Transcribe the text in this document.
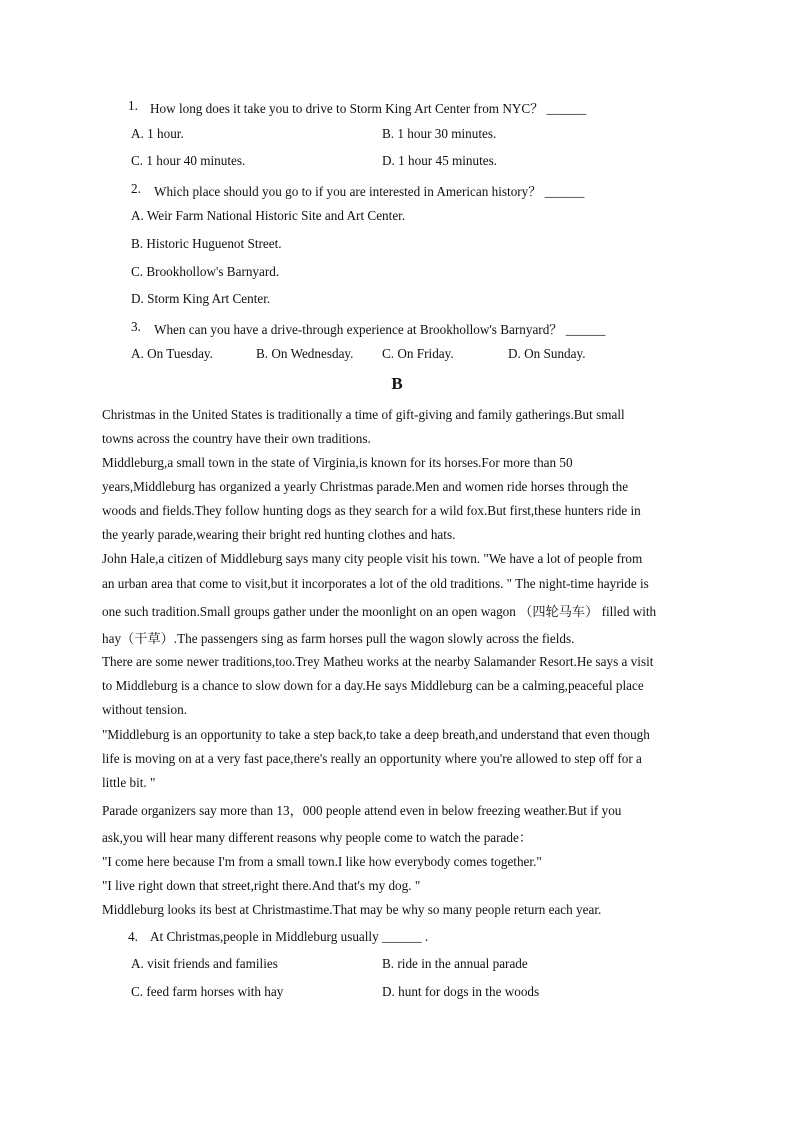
1. How long does it take you to drive to Storm King Art Center from NYC？ ______
A. 1 hour.	B. 1 hour 30 minutes.
C. 1 hour 40 minutes.	D. 1 hour 45 minutes.
2. Which place should you go to if you are interested in American history？ ______
A. Weir Farm National Historic Site and Art Center.
B. Historic Huguenot Street.
C. Brookhollow's Barnyard.
D. Storm King Art Center.
3. When can you have a drive-through experience at Brookhollow's Barnyard？ ______
A. On Tuesday.	B. On Wednesday. C. On Friday.	D. On Sunday.
B
Christmas in the United States is traditionally a time of gift-giving and family gatherings.But small
towns across the country have their own traditions.
Middleburg,a small town in the state of Virginia,is known for its horses.For more than 50
years,Middleburg has organized a yearly Christmas parade.Men and women ride horses through the
woods and fields.They follow hunting dogs as they search for a wild fox.But first,these hunters ride in
the yearly parade,wearing their bright red hunting clothes and hats.
John Hale,a citizen of Middleburg says many city people visit his town. "We have a lot of people from
an urban area that come to visit,but it incorporates a lot of the old traditions. " The night-time hayride is
one such tradition.Small groups gather under the moonlight on an open wagon （四轮马车） filled with
hay（干草）.The passengers sing as farm horses pull the wagon slowly across the fields.
There are some newer traditions,too.Trey Matheu works at the nearby Salamander Resort.He says a visit
to Middleburg is a chance to slow down for a day.He says Middleburg can be a calming,peaceful place
without tension.
"Middleburg is an opportunity to take a step back,to take a deep breath,and understand that even though
life is moving on at a very fast pace,there's really an opportunity where you're allowed to step off for a
little bit. "
Parade organizers say more than 13，000 people attend even in below freezing weather.But if you
ask,you will hear many different reasons why people come to watch the parade：
"I come here because I'm from a small town.I like how everybody comes together."
"I live right down that street,right there.And that's my dog. "
Middleburg looks its best at Christmastime.That may be why so many people return each year.
4. At Christmas,people in Middleburg usually ______ .
A. visit friends and families	B. ride in the annual parade
C. feed farm horses with hay	D. hunt for dogs in the woods
